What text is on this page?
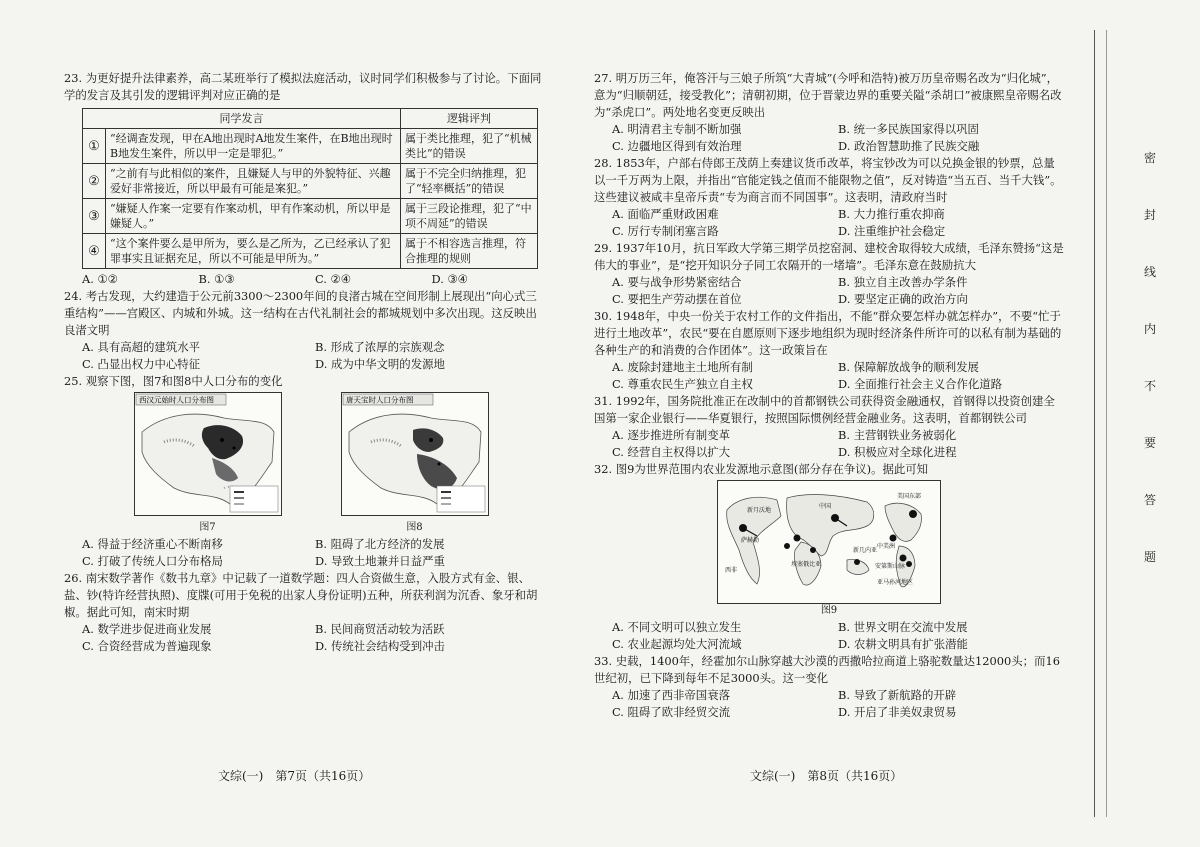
23. 为更好提升法律素养，高二某班举行了模拟法庭活动，议时同学们积极参与了讨论。下面同学的发言及其引发的逻辑评判对应正确的是
同学发言		逻辑评判
①	“经调查发现，甲在A地出现时A地发生案件，在B地出现时B地发生案件，所以甲一定是罪犯。”	属于类比推理，犯了“机械类比”的错误
②	“之前有与此相似的案件，且嫌疑人与甲的外貌特征、兴趣爱好非常接近，所以甲最有可能是案犯。”	属于不完全归纳推理，犯了“轻率概括”的错误
③	“嫌疑人作案一定要有作案动机，甲有作案动机，所以甲是嫌疑人。”	属于三段论推理，犯了“中项不周延”的错误
④	“这个案件要么是甲所为，要么是乙所为，乙已经承认了犯罪事实且证据充足，所以不可能是甲所为。”	属于不相容选言推理，符合推理的规则
A. ①②	B. ①③	C. ②④	D. ③④
24. 考古发现，大约建造于公元前3300～2300年间的良渚古城在空间形制上展现出“向心式三重结构”——宫殿区、内城和外城。这一结构在古代礼制社会的都城规划中多次出现。这反映出良渚文明
A. 具有高超的建筑水平	B. 形成了浓厚的宗族观念
C. 凸显出权力中心特征	D. 成为中华文明的发源地
25. 观察下图，图7和图8中人口分布的变化
西汉元始时人口分布图
图7
唐天宝时人口分布图
图8
A. 得益于经济重心不断南移	B. 阻碍了北方经济的发展
C. 打破了传统人口分布格局	D. 导致土地兼并日益严重
26. 南宋数学著作《数书九章》中记载了一道数学题：四人合资做生意，入股方式有金、银、盐、钞(特许经营执照)、度牒(可用于免税的出家人身份证明)五种，所获利润为沉香、象牙和胡椒。据此可知，南宋时期
A. 数学进步促进商业发展	B. 民间商贸活动较为活跃
C. 合资经营成为普遍现象	D. 传统社会结构受到冲击
27. 明万历三年，俺答汗与三娘子所筑“大青城”(今呼和浩特)被万历皇帝赐名改为“归化城”，意为“归顺朝廷，接受教化”；清朝初期，位于晋蒙边界的重要关隘“杀胡口”被康熙皇帝赐名改为“杀虎口”。两处地名变更反映出
A. 明清君主专制不断加强	B. 统一多民族国家得以巩固
C. 边疆地区得到有效治理	D. 政治智慧助推了民族交融
28. 1853年，户部右侍郎王茂荫上奏建议货币改革，将宝钞改为可以兑换金银的钞票，总量以一千万两为上限，并指出“官能定钱之值而不能限物之值”，反对铸造“当五百、当千大钱”。这些建议被咸丰皇帝斥责“专为商言而不同国事”。这表明，清政府当时
A. 面临严重财政困难	B. 大力推行重农抑商
C. 厉行专制闭塞言路	D. 注重维护社会稳定
29. 1937年10月，抗日军政大学第三期学员挖窑洞、建校舍取得较大成绩，毛泽东赞扬“这是伟大的事业”，是“挖开知识分子同工农隔开的一堵墙”。毛泽东意在鼓励抗大
A. 要与战争形势紧密结合	B. 独立自主改善办学条件
C. 要把生产劳动摆在首位	D. 要坚定正确的政治方向
30. 1948年，中央一份关于农村工作的文件指出，不能“群众要怎样办就怎样办”，不要“忙于进行土地改革”，农民“要在自愿原则下逐步地组织为现时经济条件所许可的以私有制为基础的各种生产的和消费的合作团体”。这一政策旨在
A. 废除封建地主土地所有制	B. 保障解放战争的顺利发展
C. 尊重农民生产独立自主权	D. 全面推行社会主义合作化道路
31. 1992年，国务院批准正在改制中的首都钢铁公司获得资金融通权，首钢得以投资创建全国第一家企业银行——华夏银行，按照国际惯例经营金融业务。这表明，首都钢铁公司
A. 逐步推进所有制变革	B. 主营钢铁业务被弱化
C. 经营自主权得以扩大	D. 积极应对全球化进程
32. 图9为世界范围内农业发源地示意图(部分存在争议)。据此可知
新月沃地
中国
美国东部
萨赫勒
埃塞俄比亚
新几内亚
中美洲
安第斯山脉
亚马孙河地区
西非
图9
A. 不同文明可以独立发生	B. 世界文明在交流中发展
C. 农业起源均处大河流域	D. 农耕文明具有扩张潜能
33. 史载，1400年，经霍加尔山脉穿越大沙漠的西撒哈拉商道上骆驼数量达12000头；而16世纪初，已下降到每年不足3000头。这一变化
A. 加速了西非帝国衰落	B. 导致了新航路的开辟
C. 阻碍了欧非经贸交流	D. 开启了非美奴隶贸易
文综(一)　第7页（共16页）	文综(一)　第8页（共16页）
密
封
线
内
不
要
答
题
